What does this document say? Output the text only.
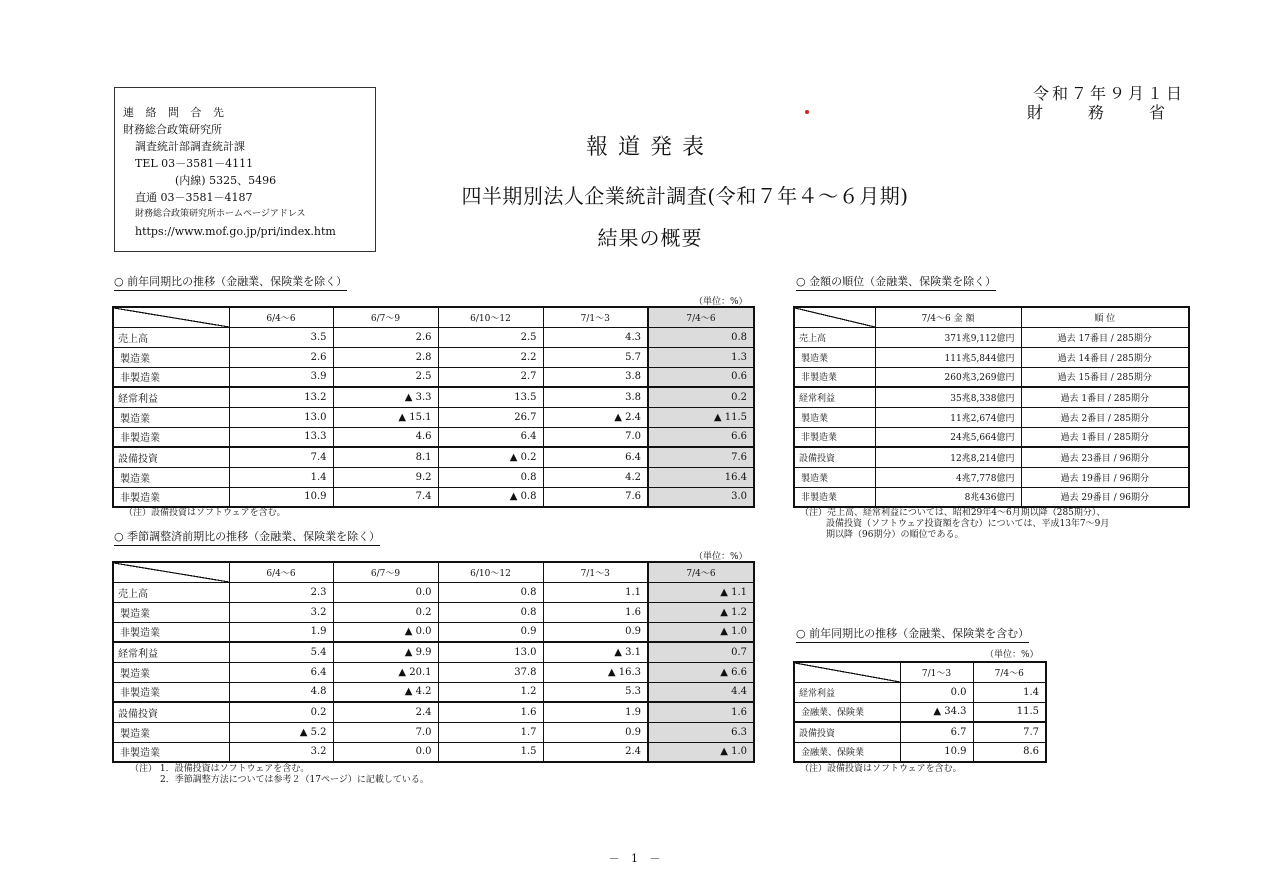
連 絡 問 合 先
財務総合政策研究所
調査統計部調査統計課
TEL 03－3581－4111
(内線) 5325、5496
直通 03－3581－4187
財務総合政策研究所ホームページアドレス
https://www.mof.go.jp/pri/index.htm
令和７年９月１日
財 務 省
報道発表
四半期別法人企業統計調査(令和７年４～６月期)
結果の概要
○ 前年同期比の推移（金融業、保険業を除く）
（単位：%）
	6/4～6	6/7～9	6/10～12	7/1～3	7/4～6
売上高	3.5	2.6	2.5	4.3	0.8
製造業	2.6	2.8	2.2	5.7	1.3
非製造業	3.9	2.5	2.7	3.8	0.6
経常利益	13.2	▲ 3.3	13.5	3.8	0.2
製造業	13.0	▲ 15.1	26.7	▲ 2.4	▲ 11.5
非製造業	13.3	4.6	6.4	7.0	6.6
設備投資	7.4	8.1	▲ 0.2	6.4	7.6
製造業	1.4	9.2	0.8	4.2	16.4
非製造業	10.9	7.4	▲ 0.8	7.6	3.0
（注）設備投資はソフトウェアを含む。
○ 季節調整済前期比の推移（金融業、保険業を除く）
（単位：%）
	6/4～6	6/7～9	6/10～12	7/1～3	7/4～6
売上高	2.3	0.0	0.8	1.1	▲ 1.1
製造業	3.2	0.2	0.8	1.6	▲ 1.2
非製造業	1.9	▲ 0.0	0.9	0.9	▲ 1.0
経常利益	5.4	▲ 9.9	13.0	▲ 3.1	0.7
製造業	6.4	▲ 20.1	37.8	▲ 16.3	▲ 6.6
非製造業	4.8	▲ 4.2	1.2	5.3	4.4
設備投資	0.2	2.4	1.6	1.9	1.6
製造業	▲ 5.2	7.0	1.7	0.9	6.3
非製造業	3.2	0.0	1.5	2.4	▲ 1.0
（注） 1．設備投資はソフトウェアを含む。
2．季節調整方法については参考２（17ページ）に記載している。
○ 金額の順位（金融業、保険業を除く）
	7/4～6 金 額	順 位
売上高	371兆9,112億円	過去 17番目 / 285期分
製造業	111兆5,844億円	過去 14番目 / 285期分
非製造業	260兆3,269億円	過去 15番目 / 285期分
経常利益	35兆8,338億円	過去 1番目 / 285期分
製造業	11兆2,674億円	過去 2番目 / 285期分
非製造業	24兆5,664億円	過去 1番目 / 285期分
設備投資	12兆8,214億円	過去 23番目 / 96期分
製造業	4兆7,778億円	過去 19番目 / 96期分
非製造業	8兆436億円	過去 29番目 / 96期分
（注）売上高、経常利益については、昭和29年4～6月期以降（285期分）、
設備投資（ソフトウェア投資額を含む）については、平成13年7～9月
期以降（96期分）の順位である。
○ 前年同期比の推移（金融業、保険業を含む）
（単位：%）
	7/1～3	7/4～6
経常利益	0.0	1.4
金融業、保険業	▲ 34.3	11.5
設備投資	6.7	7.7
金融業、保険業	10.9	8.6
（注）設備投資はソフトウェアを含む。
－ 1 －
